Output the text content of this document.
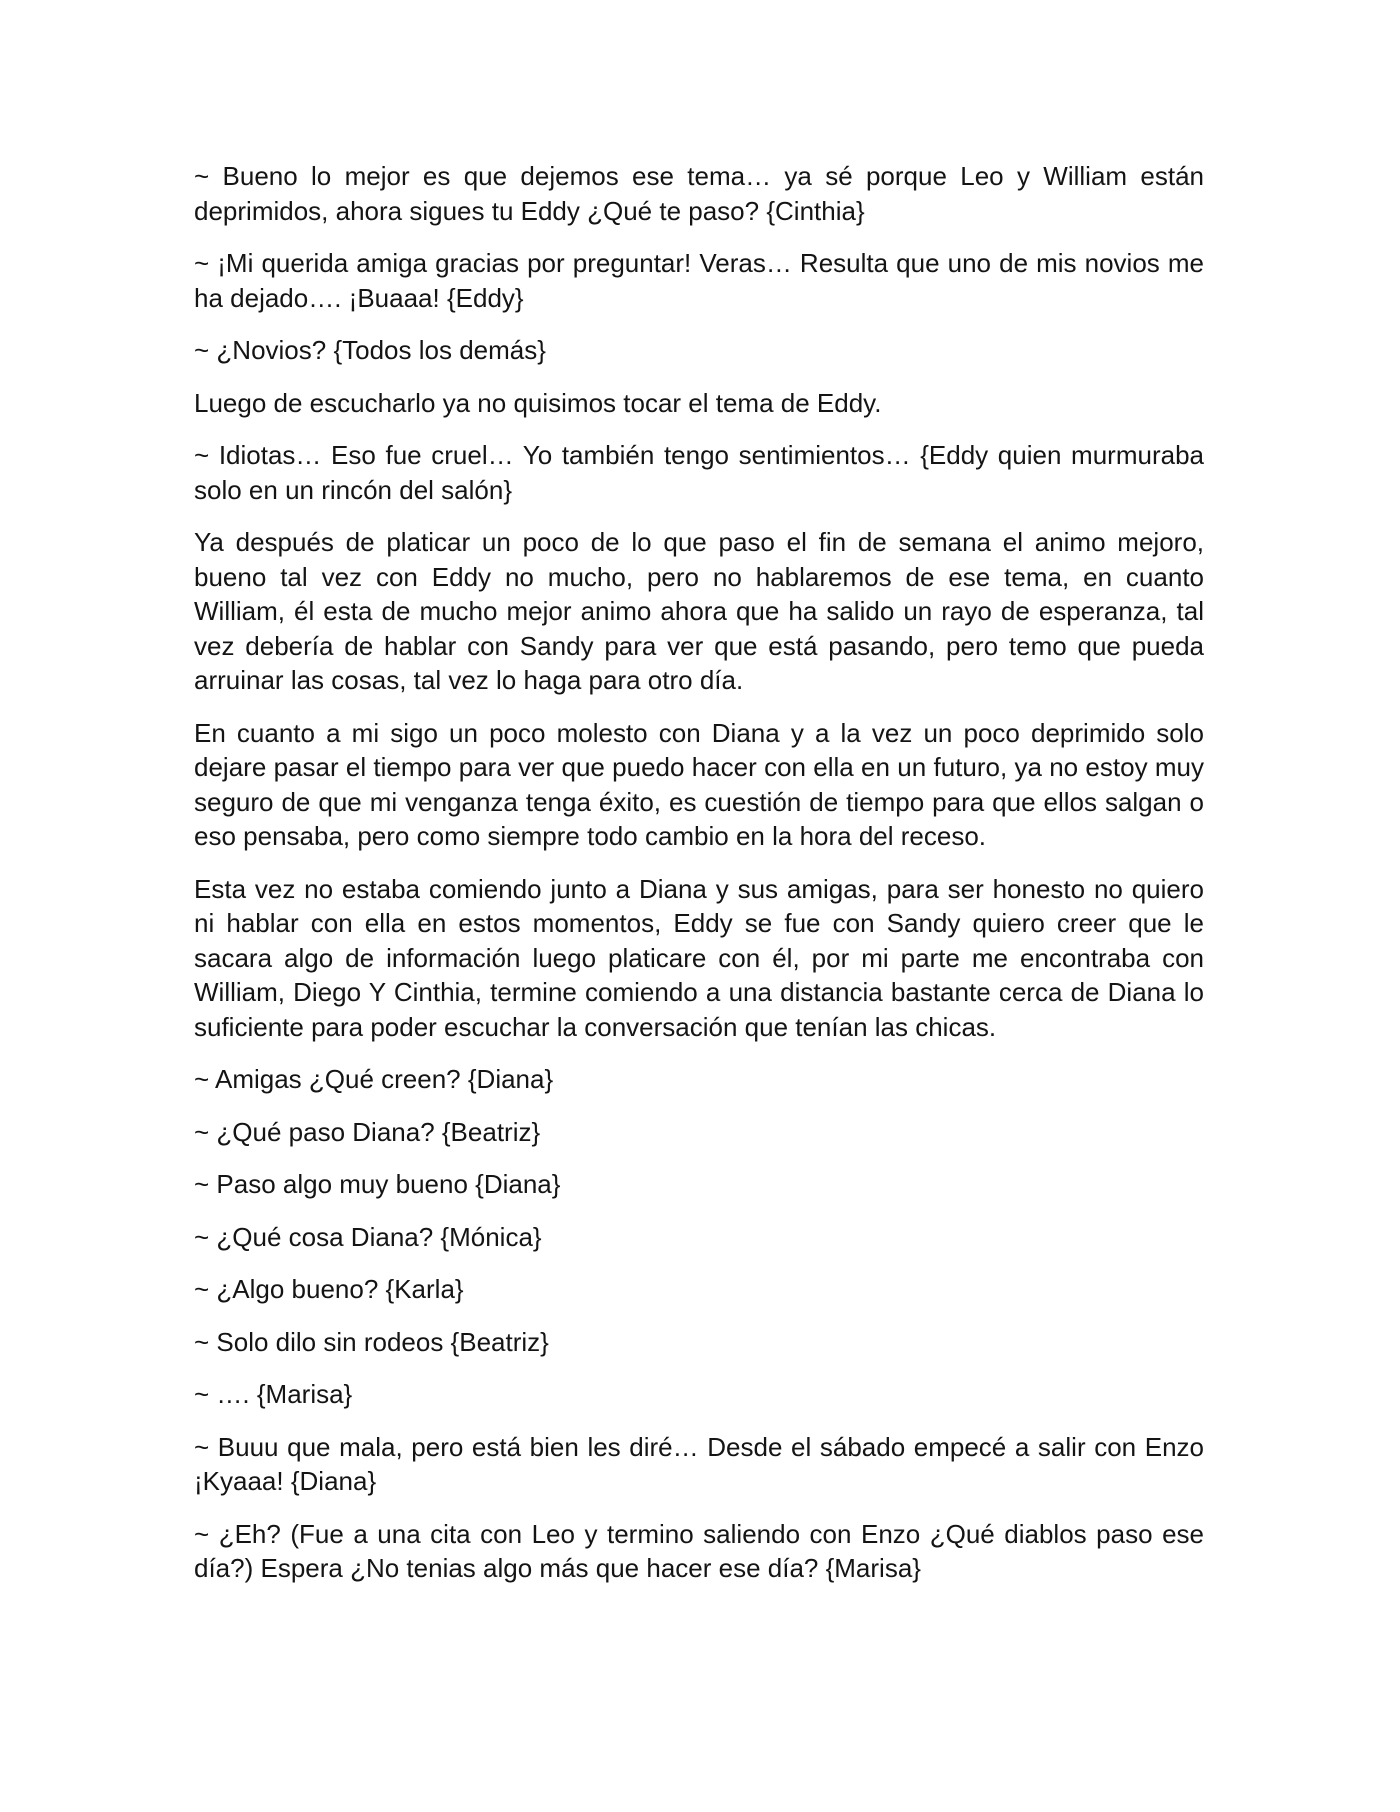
~ Bueno lo mejor es que dejemos ese tema… ya sé porque Leo y William están deprimidos, ahora sigues tu Eddy ¿Qué te paso? {Cinthia}

~ ¡Mi querida amiga gracias por preguntar! Veras… Resulta que uno de mis novios me ha dejado…. ¡Buaaa! {Eddy}

~ ¿Novios? {Todos los demás}

Luego de escucharlo ya no quisimos tocar el tema de Eddy.

~ Idiotas… Eso fue cruel… Yo también tengo sentimientos… {Eddy quien murmuraba solo en un rincón del salón}

Ya después de platicar un poco de lo que paso el fin de semana el animo mejoro, bueno tal vez con Eddy no mucho, pero no hablaremos de ese tema, en cuanto William, él esta de mucho mejor animo ahora que ha salido un rayo de esperanza, tal vez debería de hablar con Sandy para ver que está pasando, pero temo que pueda arruinar las cosas, tal vez lo haga para otro día.

En cuanto a mi sigo un poco molesto con Diana y a la vez un poco deprimido solo dejare pasar el tiempo para ver que puedo hacer con ella en un futuro, ya no estoy muy seguro de que mi venganza tenga éxito, es cuestión de tiempo para que ellos salgan o eso pensaba, pero como siempre todo cambio en la hora del receso.

Esta vez no estaba comiendo junto a Diana y sus amigas, para ser honesto no quiero ni hablar con ella en estos momentos, Eddy se fue con Sandy quiero creer que le sacara algo de información luego platicare con él, por mi parte me encontraba con William, Diego Y Cinthia, termine comiendo a una distancia bastante cerca de Diana lo suficiente para poder escuchar la conversación que tenían las chicas.

~ Amigas ¿Qué creen? {Diana}

~ ¿Qué paso Diana? {Beatriz}

~ Paso algo muy bueno {Diana}

~ ¿Qué cosa Diana? {Mónica}

~ ¿Algo bueno? {Karla}

~ Solo dilo sin rodeos {Beatriz}

~ …. {Marisa}

~ Buuu que mala, pero está bien les diré… Desde el sábado empecé a salir con Enzo ¡Kyaaa! {Diana}

~ ¿Eh? (Fue a una cita con Leo y termino saliendo con Enzo ¿Qué diablos paso ese día?) Espera ¿No tenias algo más que hacer ese día? {Marisa}
